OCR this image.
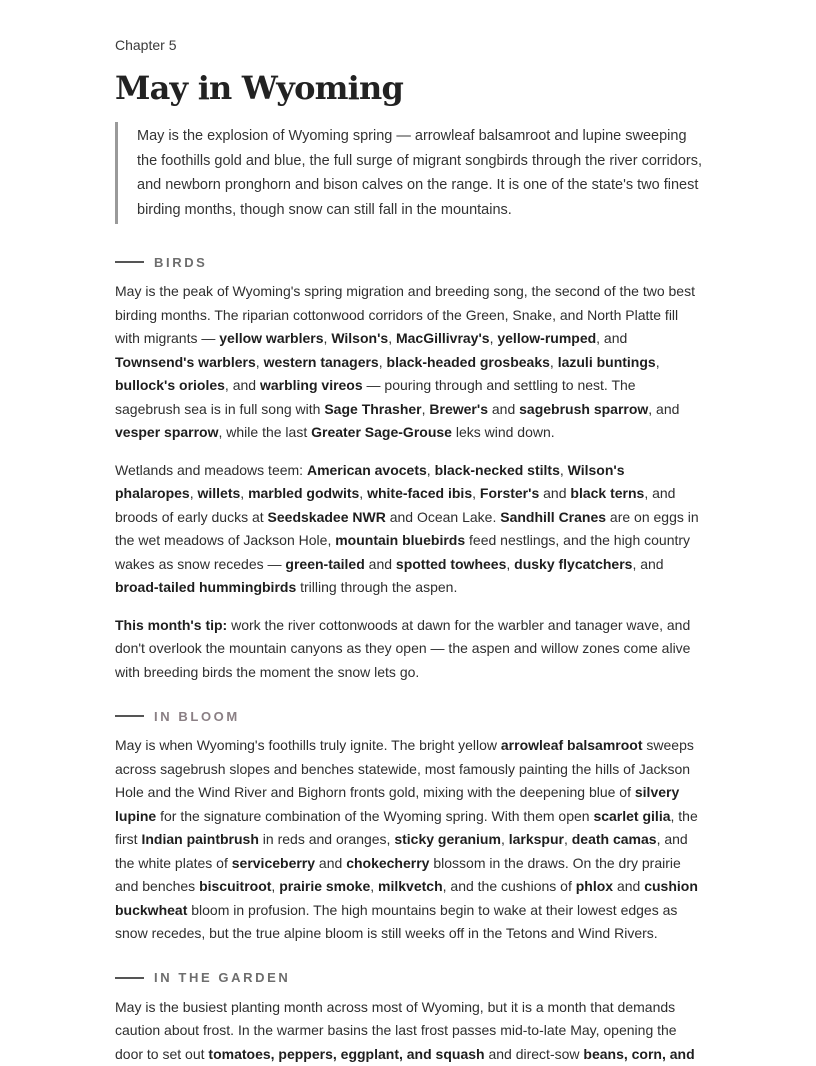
Chapter 5

May in Wyoming
May is the explosion of Wyoming spring — arrowleaf balsamroot and lupine sweeping the foothills gold and blue, the full surge of migrant songbirds through the river corridors, and newborn pronghorn and bison calves on the range. It is one of the state's two finest birding months, though snow can still fall in the mountains.
BIRDS

May is the peak of Wyoming's spring migration and breeding song, the second of the two best birding months. The riparian cottonwood corridors of the Green, Snake, and North Platte fill with migrants — yellow warblers, Wilson's, MacGillivray's, yellow-rumped, and Townsend's warblers, western tanagers, black-headed grosbeaks, lazuli buntings, bullock's orioles, and warbling vireos — pouring through and settling to nest. The sagebrush sea is in full song with Sage Thrasher, Brewer's and sagebrush sparrow, and vesper sparrow, while the last Greater Sage-Grouse leks wind down.

Wetlands and meadows teem: American avocets, black-necked stilts, Wilson's phalaropes, willets, marbled godwits, white-faced ibis, Forster's and black terns, and broods of early ducks at Seedskadee NWR and Ocean Lake. Sandhill Cranes are on eggs in the wet meadows of Jackson Hole, mountain bluebirds feed nestlings, and the high country wakes as snow recedes — green-tailed and spotted towhees, dusky flycatchers, and broad-tailed hummingbirds trilling through the aspen.

This month's tip: work the river cottonwoods at dawn for the warbler and tanager wave, and don't overlook the mountain canyons as they open — the aspen and willow zones come alive with breeding birds the moment the snow lets go.

IN BLOOM

May is when Wyoming's foothills truly ignite. The bright yellow arrowleaf balsamroot sweeps across sagebrush slopes and benches statewide, most famously painting the hills of Jackson Hole and the Wind River and Bighorn fronts gold, mixing with the deepening blue of silvery lupine for the signature combination of the Wyoming spring. With them open scarlet gilia, the first Indian paintbrush in reds and oranges, sticky geranium, larkspur, death camas, and the white plates of serviceberry and chokecherry blossom in the draws. On the dry prairie and benches biscuitroot, prairie smoke, milkvetch, and the cushions of phlox and cushion buckwheat bloom in profusion. The high mountains begin to wake at their lowest edges as snow recedes, but the true alpine bloom is still weeks off in the Tetons and Wind Rivers.

IN THE GARDEN

May is the busiest planting month across most of Wyoming, but it is a month that demands caution about frost. In the warmer basins the last frost passes mid-to-late May, opening the door to set out tomatoes, peppers, eggplant, and squash and direct-sow beans, corn, and
